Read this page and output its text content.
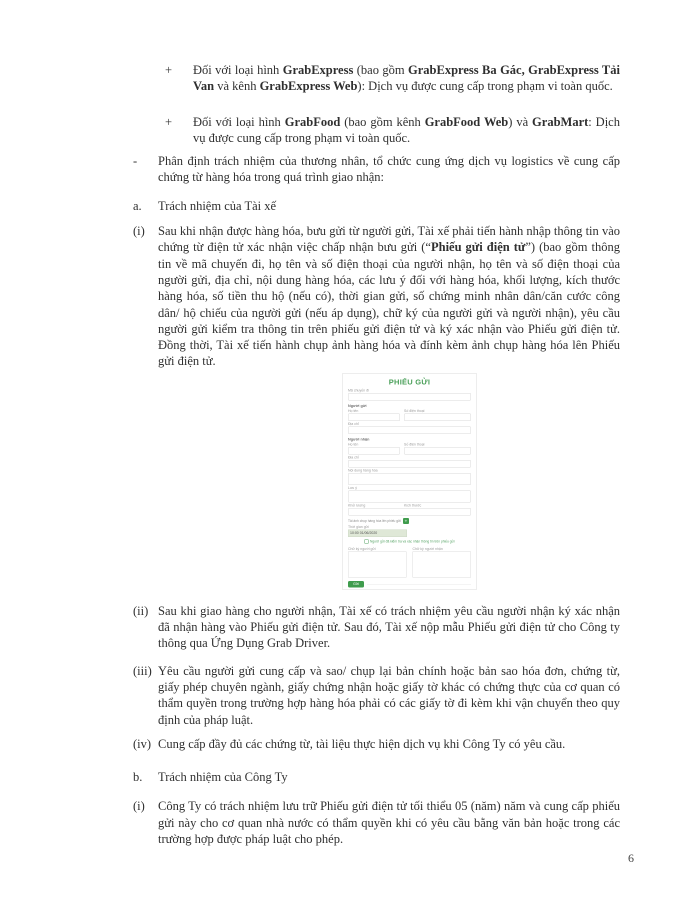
+	Đối với loại hình GrabExpress (bao gồm GrabExpress Ba Gác, GrabExpress Tải Van và kênh GrabExpress Web): Dịch vụ được cung cấp trong phạm vi toàn quốc.
+	Đối với loại hình GrabFood (bao gồm kênh GrabFood Web) và GrabMart: Dịch vụ được cung cấp trong phạm vi toàn quốc.
-	Phân định trách nhiệm của thương nhân, tổ chức cung ứng dịch vụ logistics về cung cấp chứng từ hàng hóa trong quá trình giao nhận:
a.	Trách nhiệm của Tài xế
(i)	Sau khi nhận được hàng hóa, bưu gửi từ người gửi, Tài xế phải tiến hành nhập thông tin vào chứng từ điện tử xác nhận việc chấp nhận bưu gửi (“Phiếu gửi điện tử”) (bao gồm thông tin về mã chuyến đi, họ tên và số điện thoại của người nhận, họ tên và số điện thoại của người gửi, địa chỉ, nội dung hàng hóa, các lưu ý đối với hàng hóa, khối lượng, kích thước hàng hóa, số tiền thu hộ (nếu có), thời gian gửi, số chứng minh nhân dân/căn cước công dân/ hộ chiếu của người gửi (nếu áp dụng), chữ ký của người gửi và người nhận), yêu cầu người gửi kiểm tra thông tin trên phiếu gửi điện tử và ký xác nhận vào Phiếu gửi điện tử. Đồng thời, Tài xế tiến hành chụp ảnh hàng hóa và đính kèm ảnh chụp hàng hóa lên Phiếu gửi điện tử.
PHIẾU GỬI
Mã chuyến đi
Người gửi
Họ tên	Số điện thoại
Địa chỉ
Người nhận
Họ tên	Số điện thoại
Địa chỉ
Nội dung hàng hóa
Lưu ý
Khối lượng	Kích thước
Tải ảnh chụp hàng hóa lên phiếu gửi +
Thời gian gửi
10:00 01/06/2020
Người gửi đã kiểm tra và xác nhận thông tin trên phiếu gửi
Chữ ký người gửi	Chữ ký người nhận
Gửi
(ii) Sau khi giao hàng cho người nhận, Tài xế có trách nhiệm yêu cầu người nhận ký xác nhận đã nhận hàng vào Phiếu gửi điện tử. Sau đó, Tài xế nộp mẫu Phiếu gửi điện tử cho Công ty thông qua Ứng Dụng Grab Driver.
(iii) Yêu cầu người gửi cung cấp và sao/ chụp lại bản chính hoặc bản sao hóa đơn, chứng từ, giấy phép chuyên ngành, giấy chứng nhận hoặc giấy tờ khác có chứng thực của cơ quan có thẩm quyền trong trường hợp hàng hóa phải có các giấy tờ đi kèm khi vận chuyển theo quy định của pháp luật.
(iv) Cung cấp đầy đủ các chứng từ, tài liệu thực hiện dịch vụ khi Công Ty có yêu cầu.
b.	Trách nhiệm của Công Ty
(i)	Công Ty có trách nhiệm lưu trữ Phiếu gửi điện tử tối thiểu 05 (năm) năm và cung cấp phiếu gửi này cho cơ quan nhà nước có thẩm quyền khi có yêu cầu bằng văn bản hoặc trong các trường hợp được pháp luật cho phép.
6
